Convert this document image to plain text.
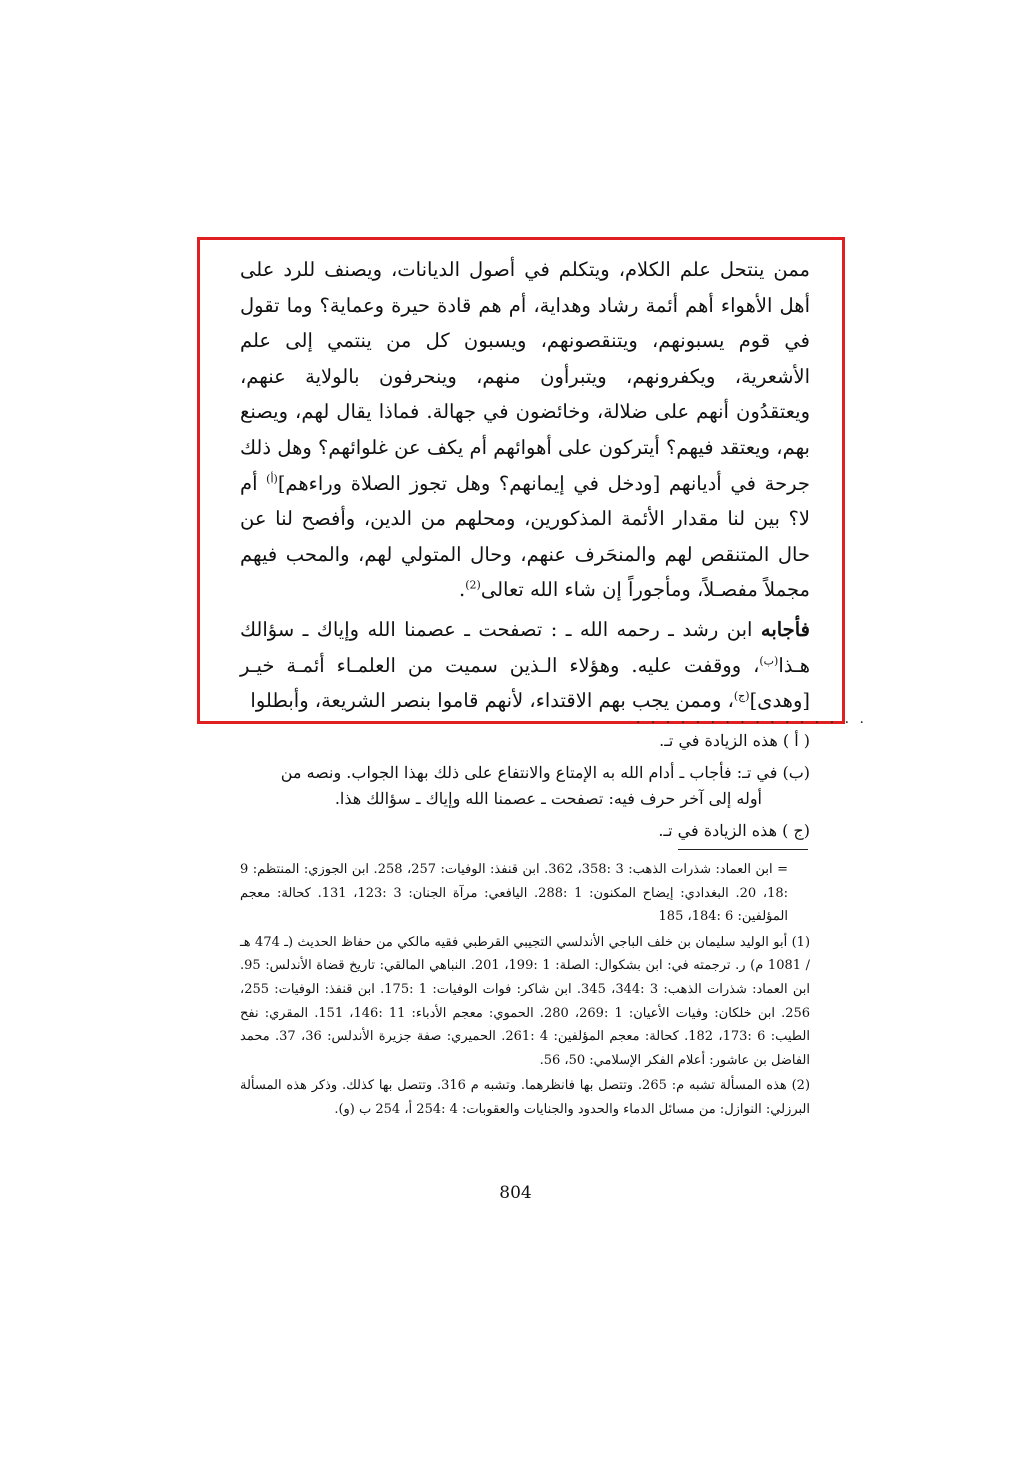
ممن ينتحل علم الكلام، ويتكلم في أصول الديانات، ويصنف للرد على أهل الأهواء أهم أئمة رشاد وهداية، أم هم قادة حيرة وعماية؟ وما تقول في قوم يسبونهم، ويتنقصونهم، ويسبون كل من ينتمي إلى علم الأشعرية، ويكفرونهم، ويتبرأون منهم، وينحرفون بالولاية عنهم، ويعتقدُون أنهم على ضلالة، وخائضون في جهالة. فماذا يقال لهم، ويصنع بهم، ويعتقد فيهم؟ أيتركون على أهوائهم أم يكف عن غلوائهم؟ وهل ذلك جرحة في أديانهم [ودخل في إيمانهم؟ وهل تجوز الصلاة وراءهم]$^{(أ)}$ أم لا؟ بين لنا مقدار الأئمة المذكورين، ومحلهم من الدين، وأفصح لنا عن حال المتنقص لهم والمنحَرف عنهم، وحال المتولي لهم، والمحب فيهم مجملاً مفصـلاً، ومأجوراً إن شاء الله تعالى$^{(2)}$.

فأجابه ابن رشد ـ رحمه الله ـ : تصفحت ـ عصمنا الله وإياك ـ سؤالك هـذا$^{(ب)}$، ووقفت عليه. وهؤلاء الـذين سميت من العلمـاء أئمـة خيـر [وهدى]$^{(ج)}$، وممن يجب بهم الاقتداء، لأنهم قاموا بنصر الشريعة، وأبطلوا

. . . . . . . . . . . . . . . .
( أ ) هذه الزيادة في تـ.
(ب) في تـ: فأجاب ـ أدام الله به الإمتاع والانتفاع على ذلك بهذا الجواب. ونصه من
أوله إلى آخر حرف فيه: تصفحت ـ عصمنا الله وإياك ـ سؤالك هذا.
(ج ) هذه الزيادة في تـ.
= ابن العماد: شذرات الذهب: 3 :358، 362. ابن قنفذ: الوفيات: 257، 258. ابن الجوزي: المنتظم: 9 :18، 20. البغدادي: إيضاح المكنون: 1 :288. اليافعي: مرآة الجنان: 3 :123، 131. كحالة: معجم المؤلفين: 6 :184، 185
(1) أبو الوليد سليمان بن خلف الباجي الأندلسي التجيبي القرطبي فقيه مالكي من حفاظ الحديث (ـ 474 هـ / 1081 م) ر. ترجمته في: ابن بشكوال: الصلة: 1 :199، 201. النباهي المالقي: تاريخ قضاة الأندلس: 95. ابن العماد: شذرات الذهب: 3 :344، 345. ابن شاكر: فوات الوفيات: 1 :175. ابن قنفذ: الوفيات: 255، 256. ابن خلكان: وفيات الأعيان: 1 :269، 280. الحموي: معجم الأدباء: 11 :146، 151. المقري: نفح الطيب: 6 :173، 182. كحالة: معجم المؤلفين: 4 :261. الحميري: صفة جزيرة الأندلس: 36، 37. محمد الفاضل بن عاشور: أعلام الفكر الإسلامي: 50، 56.
(2) هذه المسألة تشبه م: 265. وتتصل بها فانظرهما. وتشبه م 316. وتتصل بها كذلك. وذكر هذه المسألة البرزلي: النوازل: من مسائل الدماء والحدود والجنايات والعقوبات: 4 :254 أ، 254 ب (و).
804
